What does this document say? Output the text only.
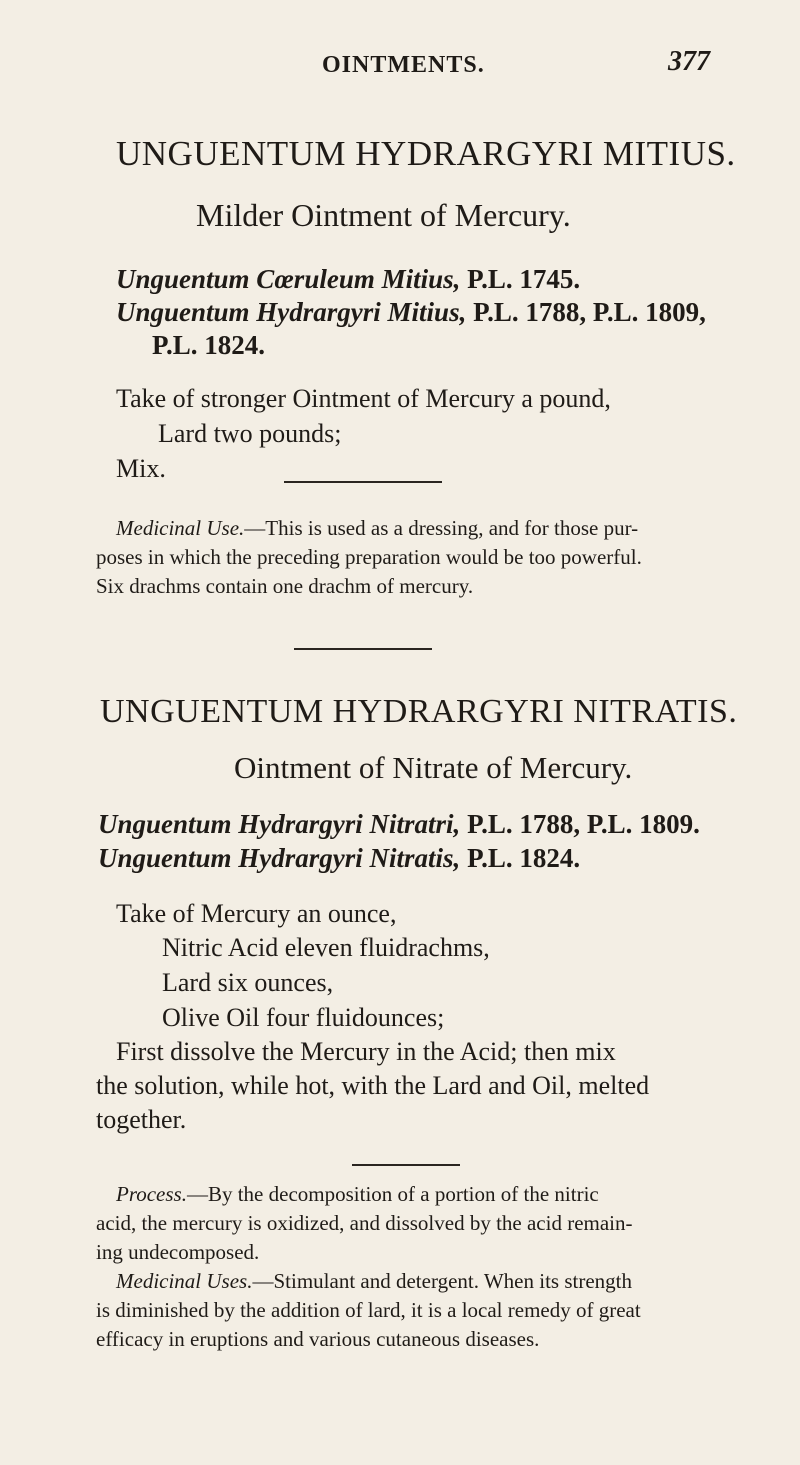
OINTMENTS.	377
UNGUENTUM HYDRARGYRI MITIUS.
Milder Ointment of Mercury.
Unguentum Cœruleum Mitius, P.L. 1745.
Unguentum Hydrargyri Mitius, P.L. 1788, P.L. 1809,
P.L. 1824.
Take of stronger Ointment of Mercury a pound,
Lard two pounds;
Mix.
Medicinal Use.—This is used as a dressing, and for those pur-
poses in which the preceding preparation would be too powerful.
Six drachms contain one drachm of mercury.
UNGUENTUM HYDRARGYRI NITRATIS.
Ointment of Nitrate of Mercury.
Unguentum Hydrargyri Nitratri, P.L. 1788, P.L. 1809.
Unguentum Hydrargyri Nitratis, P.L. 1824.
Take of Mercury an ounce,
Nitric Acid eleven fluidrachms,
Lard six ounces,
Olive Oil four fluidounces;
First dissolve the Mercury in the Acid; then mix
the solution, while hot, with the Lard and Oil, melted
together.
Process.—By the decomposition of a portion of the nitric
acid, the mercury is oxidized, and dissolved by the acid remain-
ing undecomposed.
Medicinal Uses.—Stimulant and detergent. When its strength
is diminished by the addition of lard, it is a local remedy of great
efficacy in eruptions and various cutaneous diseases.
